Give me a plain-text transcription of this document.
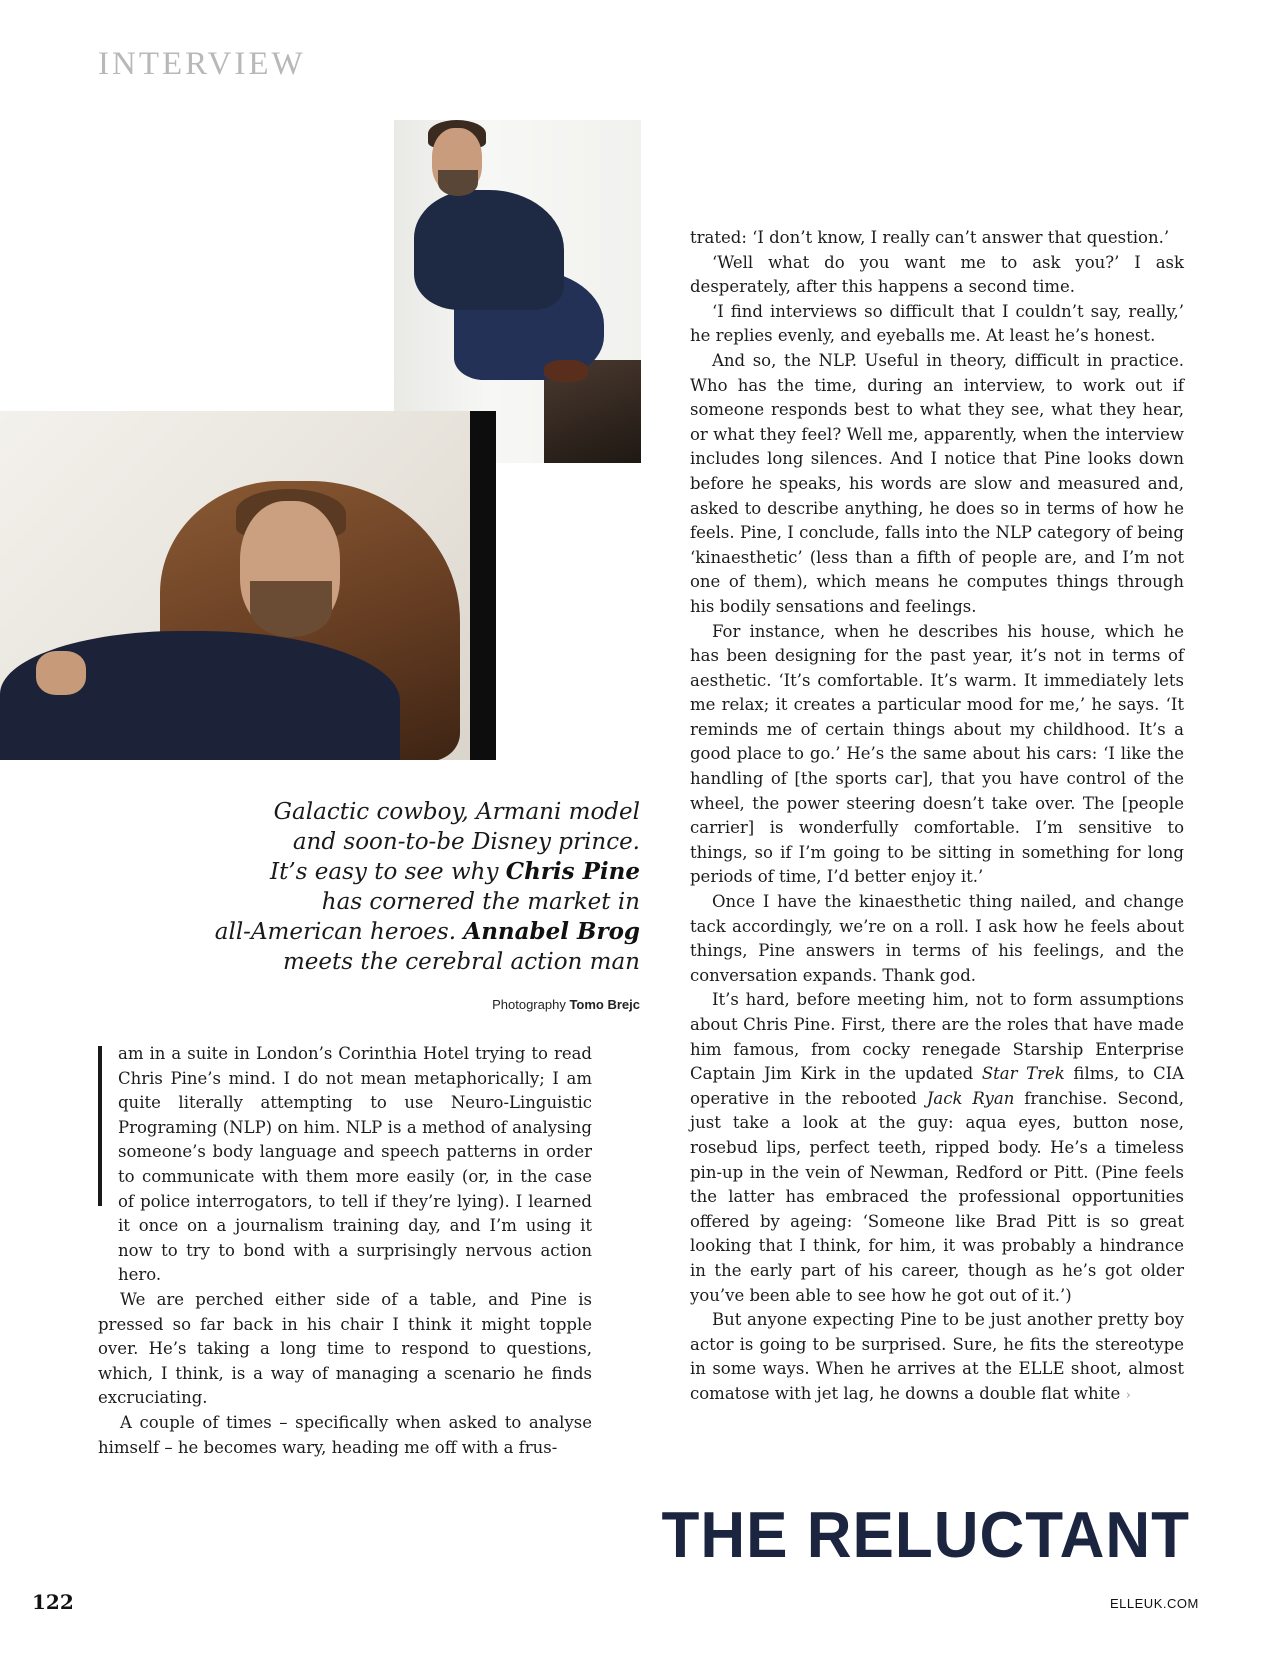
INTERVIEW
Galactic cowboy, Armani model
and soon-to-be Disney prince.
It’s easy to see why Chris Pine
has cornered the market in
all-American heroes. Annabel Brog
meets the cerebral action man
Photography Tomo Brejc

am in a suite in London’s Corinthia Hotel trying to read Chris Pine’s mind. I do not mean metaphorically; I am quite literally attempting to use Neuro-Linguistic Programing (NLP) on him. NLP is a method of analysing someone’s body language and speech patterns in order to communicate with them more easily (or, in the case of police interrogators, to tell if they’re lying). I learned it once on a journalism training day, and I’m using it now to try to bond with a surprisingly nervous action hero.

We are perched either side of a table, and Pine is pressed so far back in his chair I think it might topple over. He’s taking a long time to respond to questions, which, I think, is a way of managing a scenario he finds excruciating.

A couple of times – specifically when asked to analyse himself – he becomes wary, heading me off with a frus-

trated: ‘I don’t know, I really can’t answer that question.’

‘Well what do you want me to ask you?’ I ask desperately, after this happens a second time.

‘I find interviews so difficult that I couldn’t say, really,’ he replies evenly, and eyeballs me. At least he’s honest.

And so, the NLP. Useful in theory, difficult in practice. Who has the time, during an interview, to work out if someone responds best to what they see, what they hear, or what they feel? Well me, apparently, when the interview includes long silences. And I notice that Pine looks down before he speaks, his words are slow and measured and, asked to describe anything, he does so in terms of how he feels. Pine, I conclude, falls into the NLP category of being ‘kinaesthetic’ (less than a fifth of people are, and I’m not one of them), which means he computes things through his bodily sensations and feelings.

For instance, when he describes his house, which he has been designing for the past year, it’s not in terms of aesthetic. ‘It’s comfortable. It’s warm. It immediately lets me relax; it creates a particular mood for me,’ he says. ‘It reminds me of certain things about my childhood. It’s a good place to go.’ He’s the same about his cars: ‘I like the handling of [the sports car], that you have control of the wheel, the power steering doesn’t take over. The [people carrier] is wonderfully comfortable. I’m sensitive to things, so if I’m going to be sitting in something for long periods of time, I’d better enjoy it.’

Once I have the kinaesthetic thing nailed, and change tack accordingly, we’re on a roll. I ask how he feels about things, Pine answers in terms of his feelings, and the conversation expands. Thank god.

It’s hard, before meeting him, not to form assumptions about Chris Pine. First, there are the roles that have made him famous, from cocky renegade Starship Enterprise Captain Jim Kirk in the updated Star Trek films, to CIA operative in the rebooted Jack Ryan franchise. Second, just take a look at the guy: aqua eyes, button nose, rosebud lips, perfect teeth, ripped body. He’s a timeless pin-up in the vein of Newman, Redford or Pitt. (Pine feels the latter has embraced the professional opportunities offered by ageing: ‘Someone like Brad Pitt is so great looking that I think, for him, it was probably a hindrance in the early part of his career, though as he’s got older you’ve been able to see how he got out of it.’)

But anyone expecting Pine to be just another pretty boy actor is going to be surprised. Sure, he fits the stereotype in some ways. When he arrives at the ELLE shoot, almost comatose with jet lag, he downs a double flat white ›

THE RELUCTANT
122	ELLEUK.COM
